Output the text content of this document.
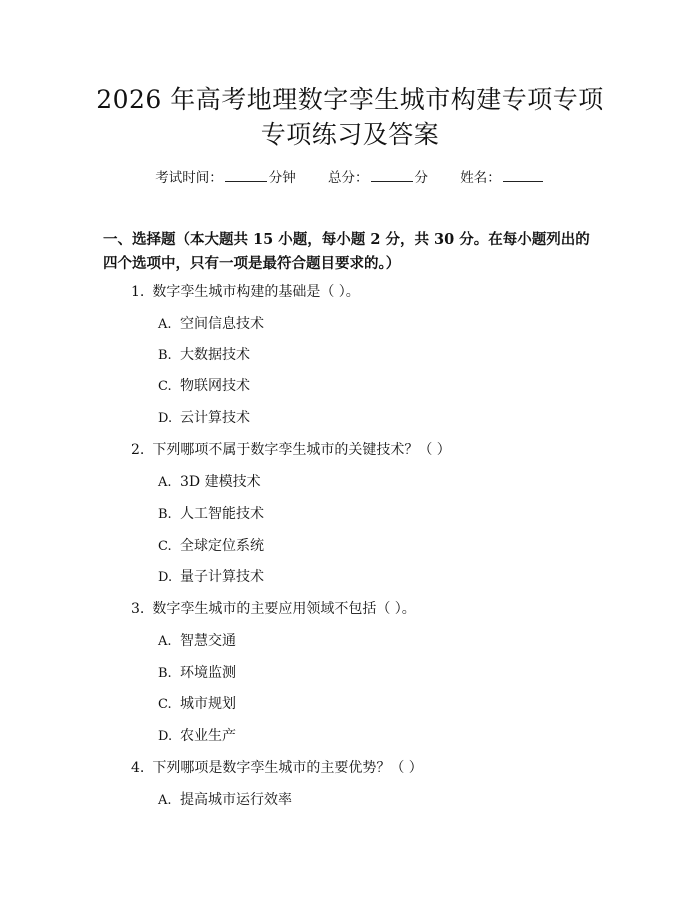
2026 年高考地理数字孪生城市构建专项专项
专项练习及答案
考试时间：	分钟 总分：	分 姓名：

一、选择题（本大题共 15 小题，每小题 2 分，共 30 分。在每小题列出的四个选项中，只有一项是最符合题目要求的。）

1. 数字孪生城市构建的基础是（ ）。
A. 空间信息技术
B. 大数据技术
C. 物联网技术
D. 云计算技术
2. 下列哪项不属于数字孪生城市的关键技术？（ ）
A. 3D 建模技术
B. 人工智能技术
C. 全球定位系统
D. 量子计算技术
3. 数字孪生城市的主要应用领域不包括（ ）。
A. 智慧交通
B. 环境监测
C. 城市规划
D. 农业生产
4. 下列哪项是数字孪生城市的主要优势？（ ）
A. 提高城市运行效率
